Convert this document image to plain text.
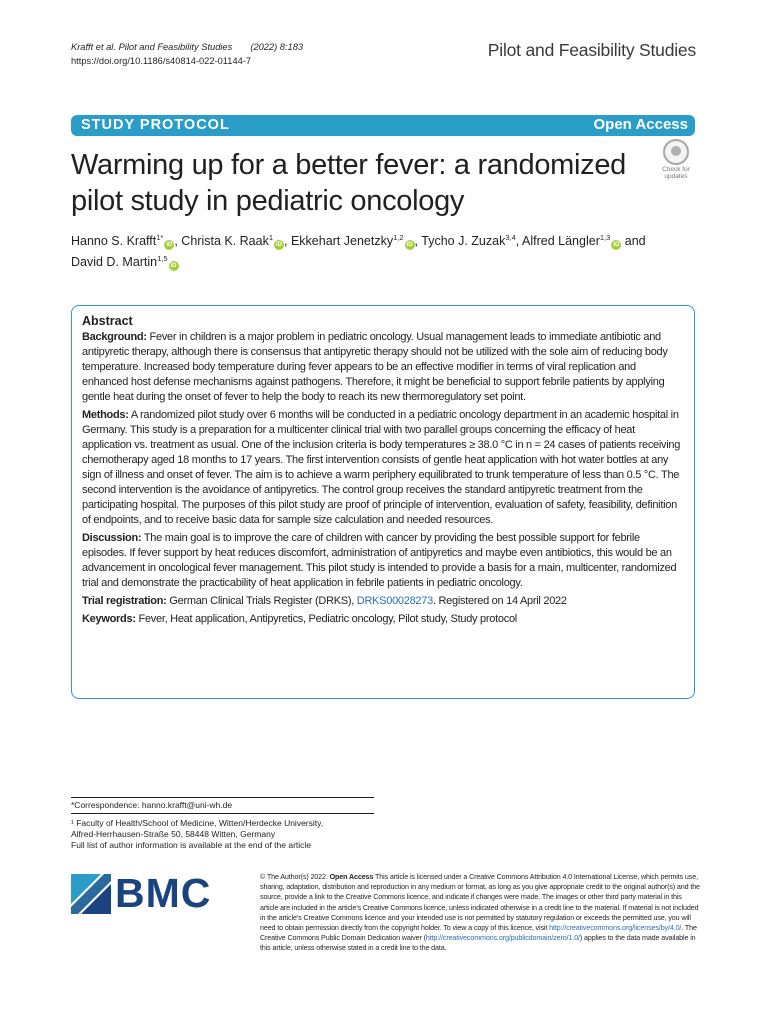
Krafft et al. Pilot and Feasibility Studies (2022) 8:183
https://doi.org/10.1186/s40814-022-01144-7
Pilot and Feasibility Studies
STUDY PROTOCOL	Open Access
Warming up for a better fever: a randomized pilot study in pediatric oncology
Check for
updates
Hanno S. Krafft$^{1*}$iD , Christa K. Raak$^1$iD , Ekkehart Jenetzky$^{1,2}$iD , Tycho J. Zuzak$^{3,4}$, Alfred Längler$^{1,3}$iD and
David D. Martin$^{1,5}$iD
Abstract

Background: Fever in children is a major problem in pediatric oncology. Usual management leads to immediate antibiotic and antipyretic therapy, although there is consensus that antipyretic therapy should not be utilized with the sole aim of reducing body temperature. Increased body temperature during fever appears to be an effective modifier in terms of viral replication and enhanced host defense mechanisms against pathogens. Therefore, it might be beneficial to support febrile patients by applying gentle heat during the onset of fever to help the body to reach its new thermoregulatory set point.

Methods: A randomized pilot study over 6 months will be conducted in a pediatric oncology department in an academic hospital in Germany. This study is a preparation for a multicenter clinical trial with two parallel groups concerning the efficacy of heat application vs. treatment as usual. One of the inclusion criteria is body temperatures ≥ 38.0 °C in n = 24 cases of patients receiving chemotherapy aged 18 months to 17 years. The first intervention consists of gentle heat application with hot water bottles at any sign of illness and onset of fever. The aim is to achieve a warm periphery equilibrated to trunk temperature of less than 0.5 °C. The second intervention is the avoidance of antipyretics. The control group receives the standard antipyretic treatment from the participating hospital. The purposes of this pilot study are proof of principle of intervention, evaluation of safety, feasibility, definition of endpoints, and to receive basic data for sample size calculation and needed resources.

Discussion: The main goal is to improve the care of children with cancer by providing the best possible support for febrile episodes. If fever support by heat reduces discomfort, administration of antipyretics and maybe even antibiotics, this would be an advancement in oncological fever management. This pilot study is intended to provide a basis for a main, multicenter, randomized trial and demonstrate the practicability of heat application in febrile patients in pediatric oncology.

Trial registration: German Clinical Trials Register (DRKS), DRKS00028273. Registered on 14 April 2022

Keywords: Fever, Heat application, Antipyretics, Pediatric oncology, Pilot study, Study protocol

*Correspondence: hanno.krafft@uni-wh.de
¹ Faculty of Health/School of Medicine, Witten/Herdecke University,
Alfred-Herrhausen-Straße 50, 58448 Witten, Germany
Full list of author information is available at the end of the article
BMC	© The Author(s) 2022. Open Access This article is licensed under a Creative Commons Attribution 4.0 International License, which permits use, sharing, adaptation, distribution and reproduction in any medium or format, as long as you give appropriate credit to the original author(s) and the source, provide a link to the Creative Commons licence, and indicate if changes were made. The images or other third party material in this article are included in the article’s Creative Commons licence, unless indicated otherwise in a credit line to the material. If material is not included in the article’s Creative Commons licence and your intended use is not permitted by statutory regulation or exceeds the permitted use, you will need to obtain permission directly from the copyright holder. To view a copy of this licence, visit http://creativecommons.org/licenses/by/4.0/. The Creative Commons Public Domain Dedication waiver (http://creativecommons.org/publicdomain/zero/1.0/) applies to the data made available in this article, unless otherwise stated in a credit line to the data.
